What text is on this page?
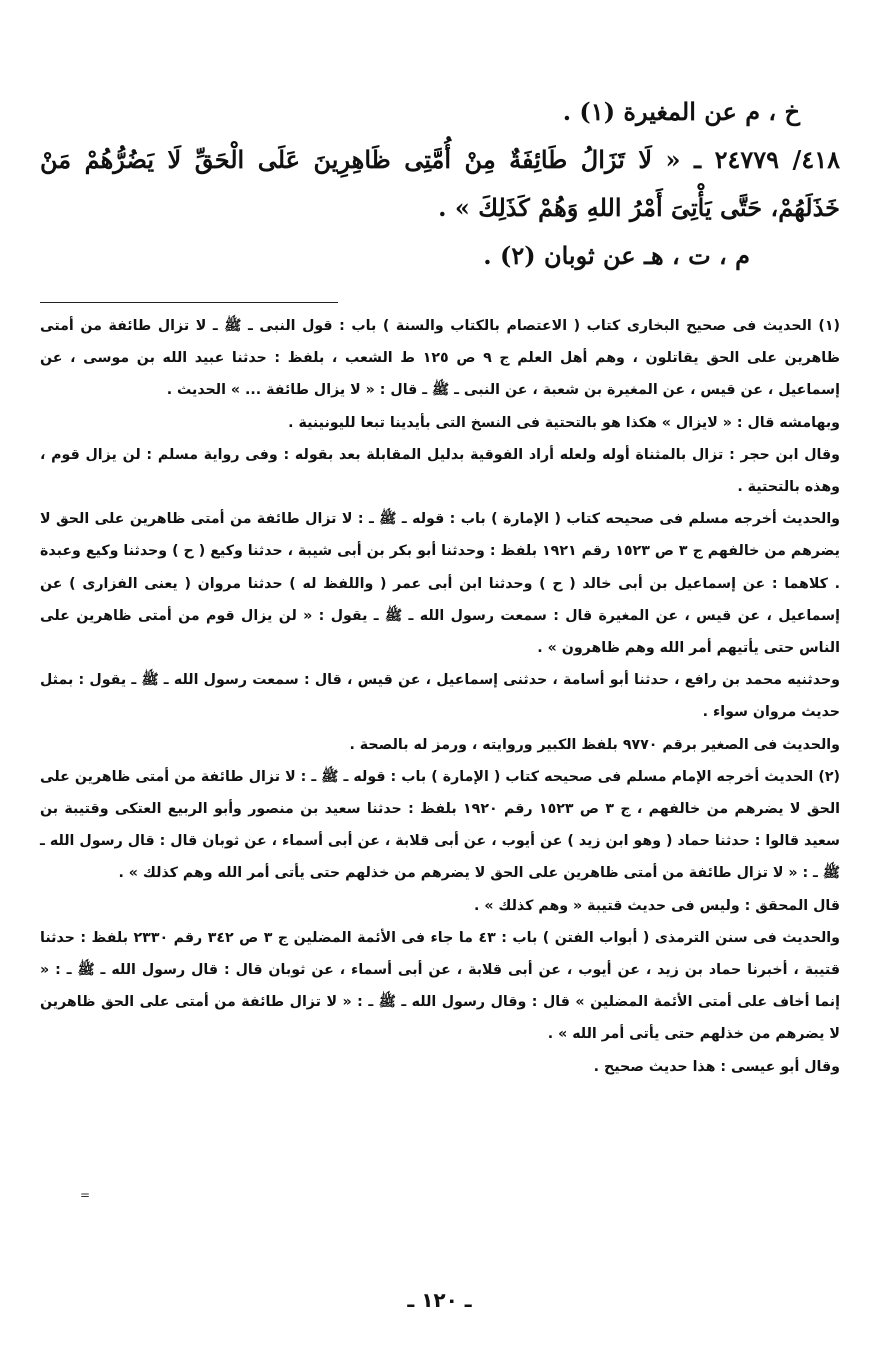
خ ، م عن المغيرة (١) .

٤١٨/ ٢٤٧٧٩ ـ « لَا تَزَالُ طَائِفَةٌ مِنْ أُمَّتِى ظَاهِرِينَ عَلَى الْحَقِّ لَا يَضُرُّهُمْ مَنْ خَذَلَهُمْ، حَتَّى يَأْتِىَ أَمْرُ اللهِ وَهُمْ كَذَلِكَ » .

م ، ت ، هـ عن ثوبان (٢) .

(١) الحديث فى صحيح البخارى كتاب ( الاعتصام بالكتاب والسنة ) باب : قول النبى ـ ﷺ ـ لا تزال طائفة من أمتى ظاهرين على الحق يقاتلون ، وهم أهل العلم ج ٩ ص ١٢٥ ط الشعب ، بلفظ : حدثنا عبيد الله بن موسى ، عن إسماعيل ، عن قيس ، عن المغيرة بن شعبة ، عن النبى ـ ﷺ ـ قال : « لا يزال طائفة ... » الحديث .

وبهامشه قال : « لايزال » هكذا هو بالتحتية فى النسخ التى بأيدينا تبعا لليونينية .

وقال ابن حجر : تزال بالمثناة أوله ولعله أراد الفوقية بدليل المقابلة بعد بقوله : وفى رواية مسلم : لن يزال قوم ، وهذه بالتحتية .

والحديث أخرجه مسلم فى صحيحه كتاب ( الإمارة ) باب : قوله ـ ﷺ ـ : لا تزال طائفة من أمتى ظاهرين على الحق لا يضرهم من خالفهم ج ٣ ص ١٥٢٣ رقم ١٩٢١ بلفظ : وحدثنا أبو بكر بن أبى شيبة ، حدثنا وكيع ( ح ) وحدثنا وكيع وعبدة . كلاهما : عن إسماعيل بن أبى خالد ( ح ) وحدثنا ابن أبى عمر ( واللفظ له ) حدثنا مروان ( يعنى الفزارى ) عن إسماعيل ، عن قيس ، عن المغيرة قال : سمعت رسول الله ـ ﷺ ـ يقول : « لن يزال قوم من أمتى ظاهرين على الناس حتى يأتيهم أمر الله وهم ظاهرون » .

وحدثنيه محمد بن رافع ، حدثنا أبو أسامة ، حدثنى إسماعيل ، عن قيس ، قال : سمعت رسول الله ـ ﷺ ـ يقول : بمثل حديث مروان سواء .

والحديث فى الصغير برقم ٩٧٧٠ بلفظ الكبير وروايته ، ورمز له بالصحة .

(٢) الحديث أخرجه الإمام مسلم فى صحيحه كتاب ( الإمارة ) باب : قوله ـ ﷺ ـ : لا تزال طائفة من أمتى ظاهرين على الحق لا يضرهم من خالفهم ، ج ٣ ص ١٥٢٣ رقم ١٩٢٠ بلفظ : حدثنا سعيد بن منصور وأبو الربيع العتكى وقتيبة بن سعيد قالوا : حدثنا حماد ( وهو ابن زيد ) عن أيوب ، عن أبى قلابة ، عن أبى أسماء ، عن ثوبان قال : قال رسول الله ـ ﷺ ـ : « لا تزال طائفة من أمتى ظاهرين على الحق لا يضرهم من خذلهم حتى يأتى أمر الله وهم كذلك » .

قال المحقق : وليس فى حديث قتيبة « وهم كذلك » .

والحديث فى سنن الترمذى ( أبواب الفتن ) باب : ٤٣ ما جاء فى الأئمة المضلين ج ٣ ص ٣٤٢ رقم ٢٣٣٠ بلفظ : حدثنا قتيبة ، أخبرنا حماد بن زيد ، عن أيوب ، عن أبى قلابة ، عن أبى أسماء ، عن ثوبان قال : قال رسول الله ـ ﷺ ـ : « إنما أخاف على أمتى الأئمة المضلين » قال : وقال رسول الله ـ ﷺ ـ : « لا تزال طائفة من أمتى على الحق ظاهرين لا يضرهم من خذلهم حتى يأتى أمر الله » .

وقال أبو عيسى : هذا حديث صحيح .

=
ـ ١٢٠ ـ
